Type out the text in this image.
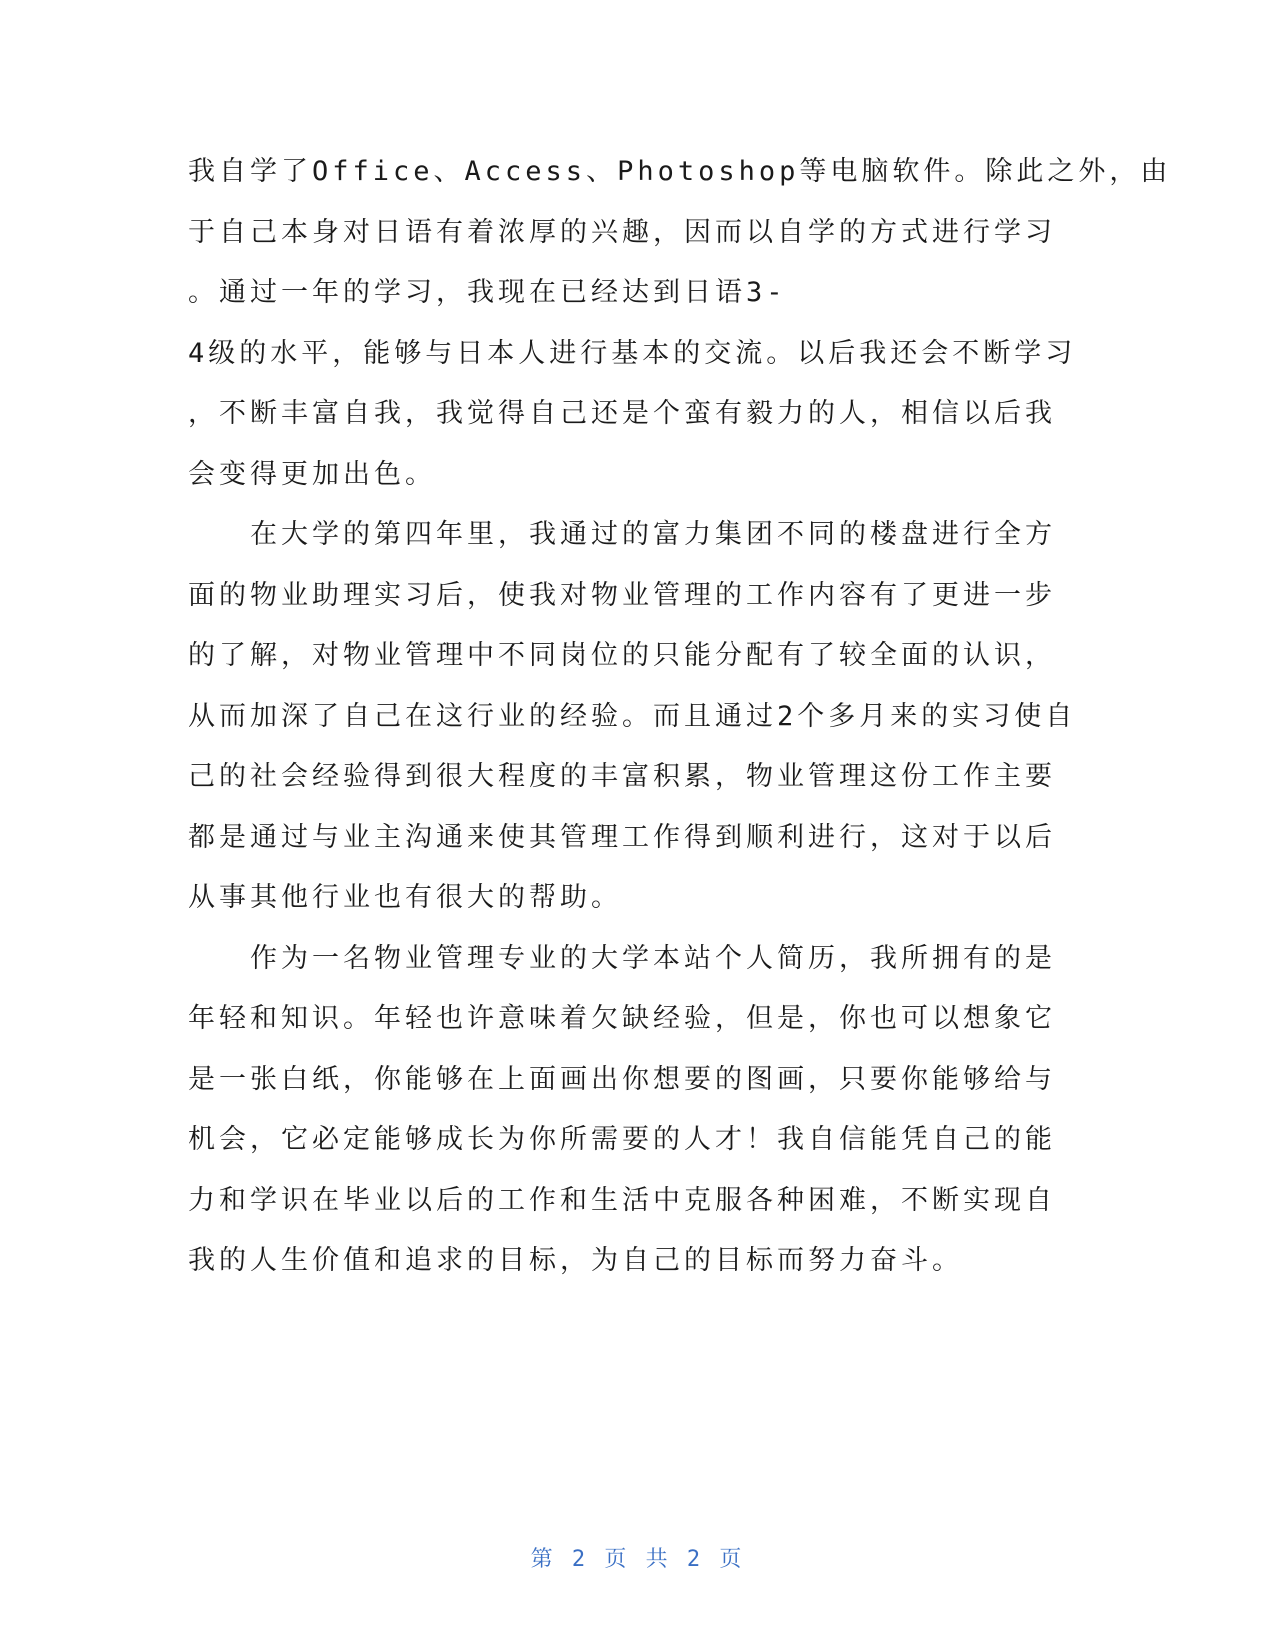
我自学了Office、Access、Photoshop等电脑软件。除此之外，由
于自己本身对日语有着浓厚的兴趣，因而以自学的方式进行学习
。通过一年的学习，我现在已经达到日语3-
4级的水平，能够与日本人进行基本的交流。以后我还会不断学习
，不断丰富自我，我觉得自己还是个蛮有毅力的人，相信以后我
会变得更加出色。
　　在大学的第四年里，我通过的富力集团不同的楼盘进行全方
面的物业助理实习后，使我对物业管理的工作内容有了更进一步
的了解，对物业管理中不同岗位的只能分配有了较全面的认识，
从而加深了自己在这行业的经验。而且通过2个多月来的实习使自
己的社会经验得到很大程度的丰富积累，物业管理这份工作主要
都是通过与业主沟通来使其管理工作得到顺利进行，这对于以后
从事其他行业也有很大的帮助。
　　作为一名物业管理专业的大学本站个人简历，我所拥有的是
年轻和知识。年轻也许意味着欠缺经验，但是，你也可以想象它
是一张白纸，你能够在上面画出你想要的图画，只要你能够给与
机会，它必定能够成长为你所需要的人才！我自信能凭自己的能
力和学识在毕业以后的工作和生活中克服各种困难，不断实现自
我的人生价值和追求的目标，为自己的目标而努力奋斗。
第 2 页 共 2 页
